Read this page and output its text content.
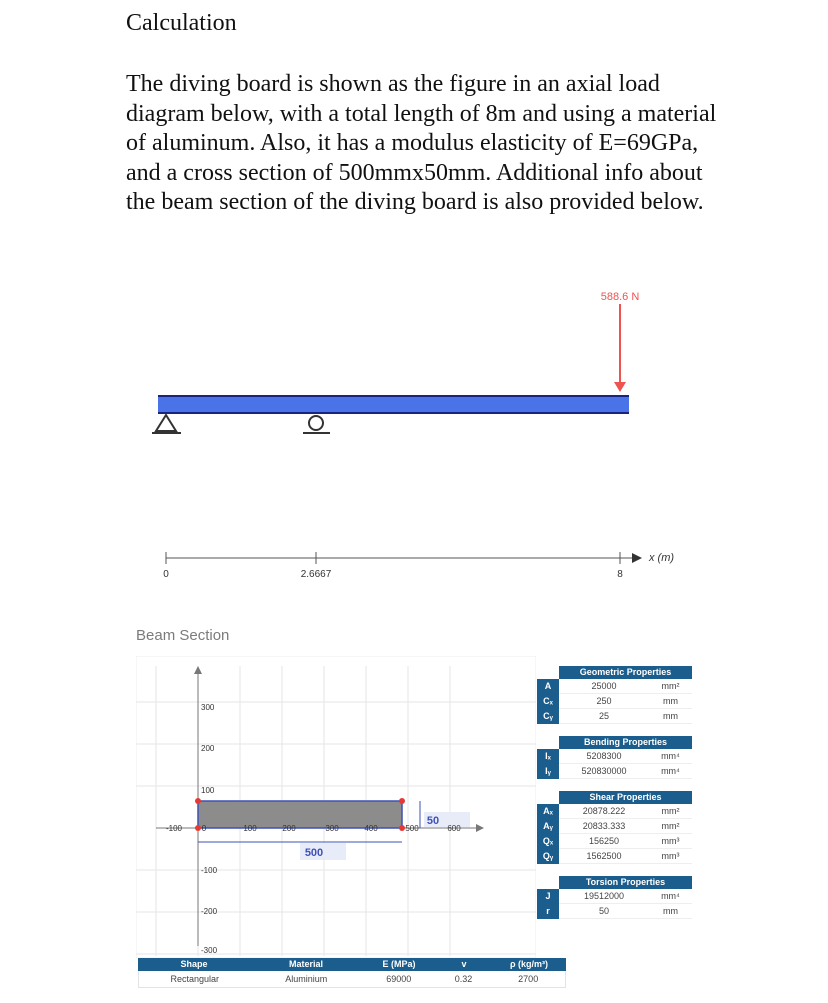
Calculation
The diving board is shown as the figure in an axial load diagram below, with a total length of 8m and using a material of aluminum. Also, it has a modulus elasticity of E=69GPa, and a cross section of 500mmx50mm. Additional info about the beam section of the diving board is also provided below.
588.6 N
x (m)
0	2.6667	8
Beam Section
500
50
-100 0	100	200	300	400	500	600
300
200
100
-100
-200
-300
Shape	Material	E (MPa)	v	ρ (kg/m³)
Rectangular	Aluminium	69000	0.32	2700
Geometric Properties
A	25000	mm²
Cₓ	250	mm
Cᵧ	25	mm
Bending Properties
Iₓ	5208300	mm⁴
Iᵧ	520830000	mm⁴
Shear Properties
Aₓ	20878.222	mm²
Aᵧ	20833.333	mm²
Qₓ	156250	mm³
Qᵧ	1562500	mm³
Torsion Properties
J	19512000	mm⁴
r	50	mm
